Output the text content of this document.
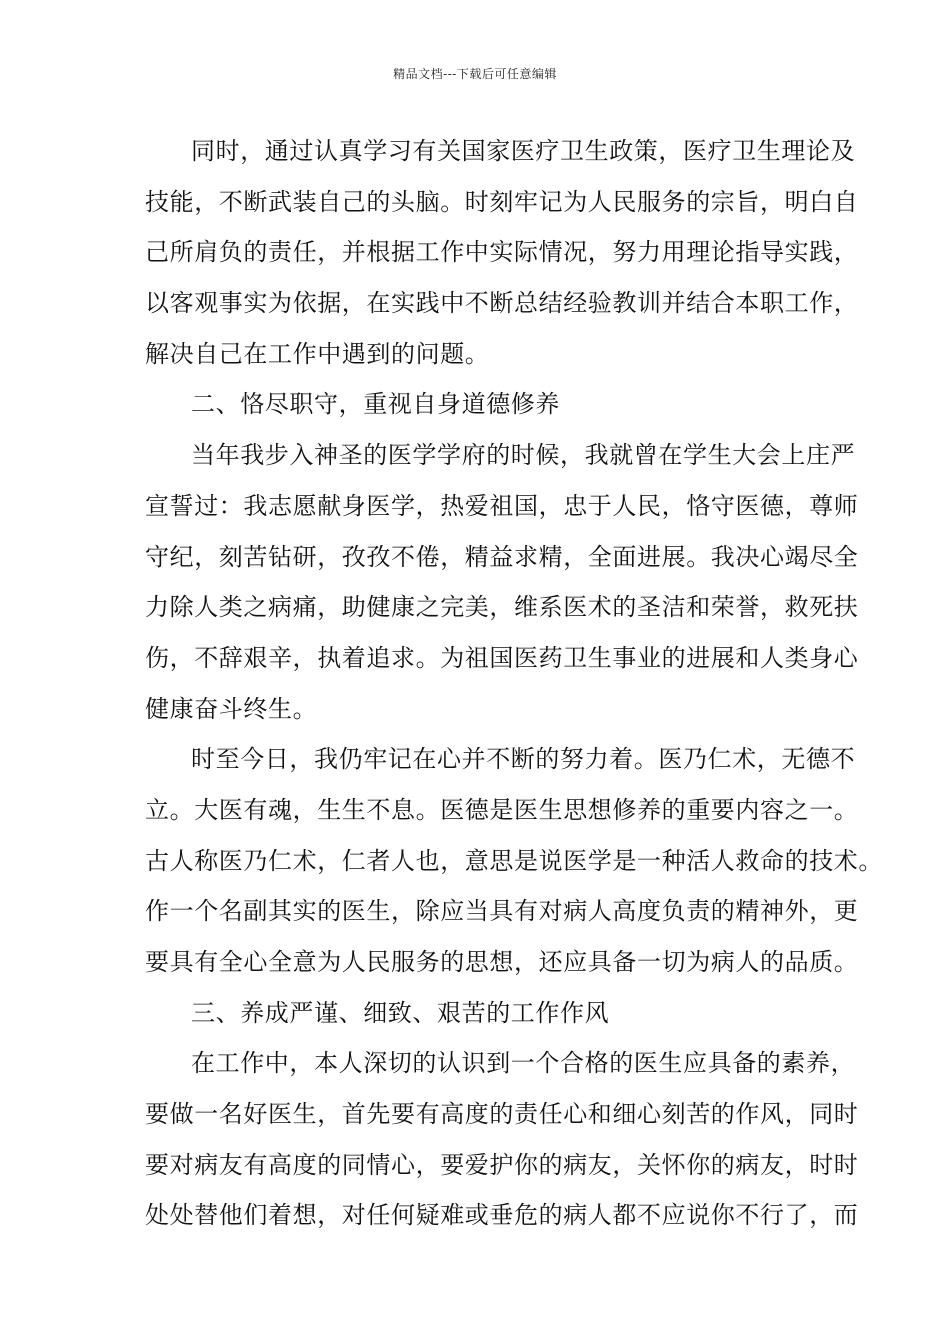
精品文档---下载后可任意编辑
同时，通过认真学习有关国家医疗卫生政策，医疗卫生理论及
技能，不断武装自己的头脑。时刻牢记为人民服务的宗旨，明白自
己所肩负的责任，并根据工作中实际情况，努力用理论指导实践，
以客观事实为依据，在实践中不断总结经验教训并结合本职工作，
解决自己在工作中遇到的问题。
二、恪尽职守，重视自身道德修养
当年我步入神圣的医学学府的时候，我就曾在学生大会上庄严
宣誓过：我志愿献身医学，热爱祖国，忠于人民，恪守医德，尊师
守纪，刻苦钻研，孜孜不倦，精益求精，全面进展。我决心竭尽全
力除人类之病痛，助健康之完美，维系医术的圣洁和荣誉，救死扶
伤，不辞艰辛，执着追求。为祖国医药卫生事业的进展和人类身心
健康奋斗终生。
时至今日，我仍牢记在心并不断的努力着。医乃仁术，无德不
立。大医有魂，生生不息。医德是医生思想修养的重要内容之一。
古人称医乃仁术，仁者人也，意思是说医学是一种活人救命的技术。
作一个名副其实的医生，除应当具有对病人高度负责的精神外，更
要具有全心全意为人民服务的思想，还应具备一切为病人的品质。
三、养成严谨、细致、艰苦的工作作风
在工作中，本人深切的认识到一个合格的医生应具备的素养，
要做一名好医生，首先要有高度的责任心和细心刻苦的作风，同时
要对病友有高度的同情心，要爱护你的病友，关怀你的病友，时时
处处替他们着想，对任何疑难或垂危的病人都不应说你不行了，而
